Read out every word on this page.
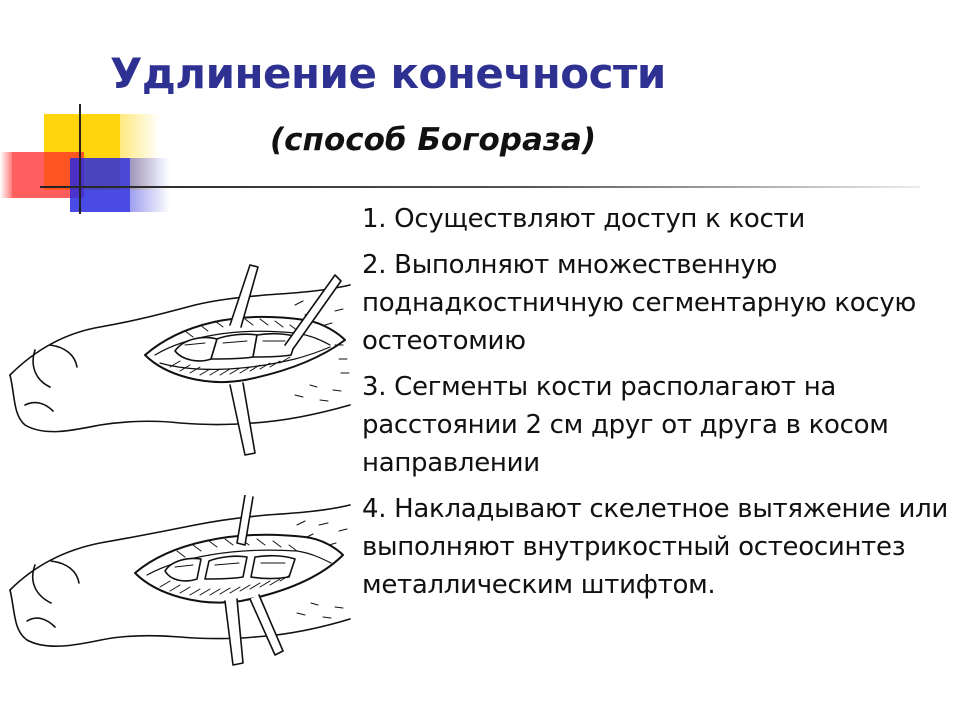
Удлинение конечности
(способ Богораза)
1. Осуществляют доступ к кости
2. Выполняют множественную поднадкостничную сегментарную косую остеотомию
3. Сегменты кости располагают на расстоянии 2 см друг от друга в косом направлении
4. Накладывают скелетное вытяжение или выполняют внутрикостный остеосинтез металлическим штифтом.
